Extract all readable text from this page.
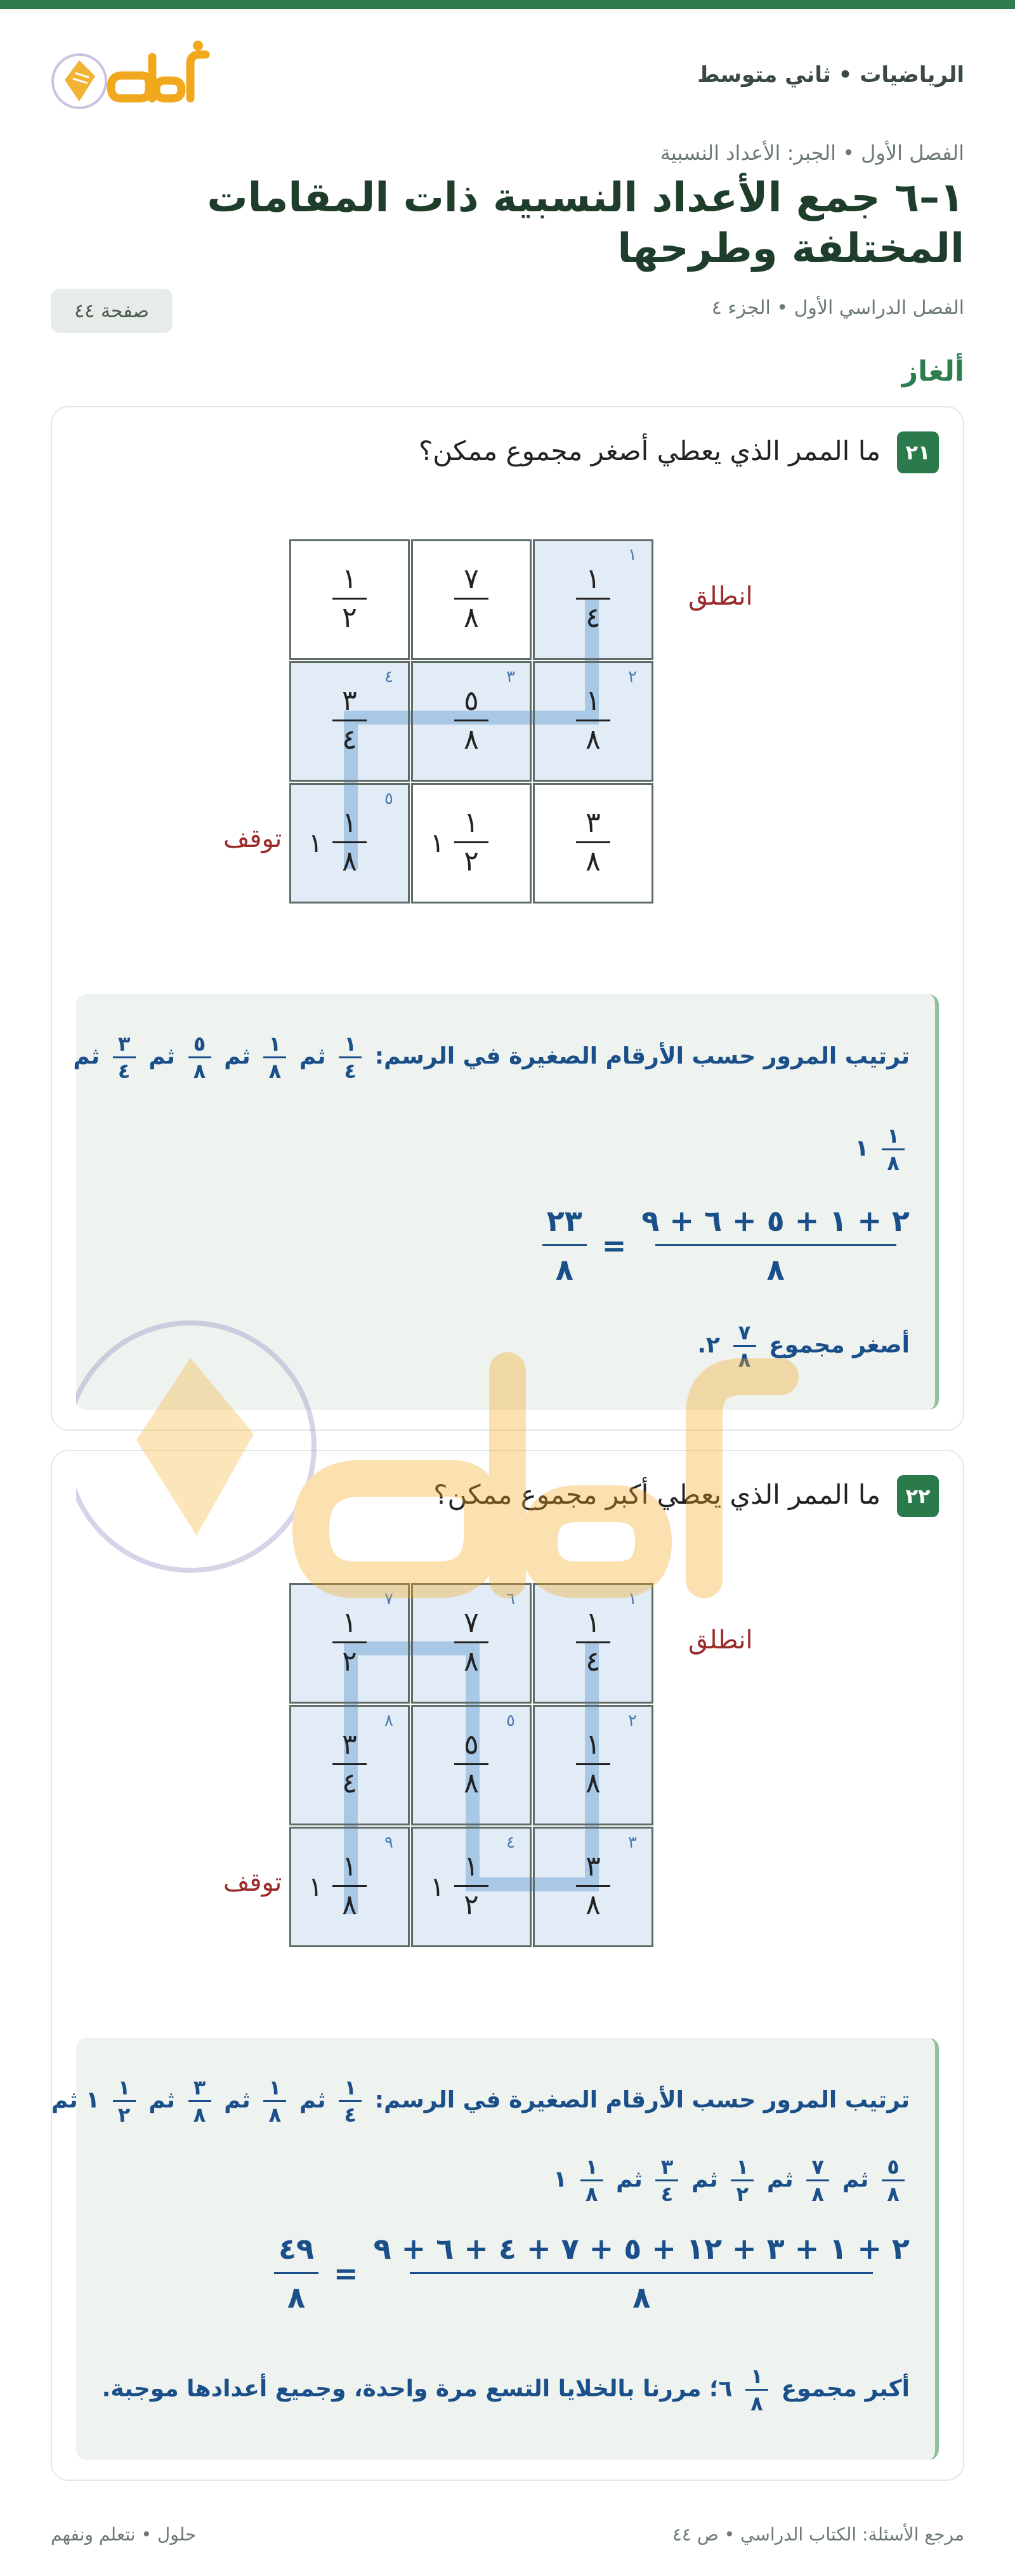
الرياضيات • ثاني متوسط
الفصل الأول • الجبر: الأعداد النسبية
١–٦ جمع الأعداد النسبية ذات المقامات المختلفة وطرحها
الفصل الدراسي الأول • الجزء ٤
صفحة ٤٤
ألغاز
٢١
ما الممر الذي يعطي أصغر مجموع ممكن؟
١
٢
٧
٨
١
٤
١
٣
٤
٤
٥
٨
٣
١
٨
٢
١
٨
١
٥
١
٢
١
٣
٨
انطلق
توقف
ترتيب المرور حسب الأرقام الصغيرة في الرسم:
١
٤
ثم
١
٨
ثم
٥
٨
ثم
٣
٤
ثم
١
٨
١
٢٣
٨
=
٢ + ١ + ٥ + ٦ + ٩
٨
أصغر مجموع
٧
٨
٢.
٢٢
ما الممر الذي يعطي أكبر مجموع ممكن؟
١
٢
٧
٧
٨
٦
١
٤
١
٣
٤
٨
٥
٨
٥
١
٨
٢
١
٨
١
٩
١
٢
١
٤
٣
٨
٣
انطلق
توقف
ترتيب المرور حسب الأرقام الصغيرة في الرسم:
١
٤
ثم
١
٨
ثم
٣
٨
ثم
١
٢
١ ثم
٥
٨
ثم
٧
٨
ثم
١
٢
ثم
٣
٤
ثم
١
٨
١
٤٩
٨
=
٢ + ١ + ٣ + ١٢ + ٥ + ٧ + ٤ + ٦ + ٩
٨
أكبر مجموع
١
٨
٦؛ مررنا بالخلايا التسع مرة واحدة، وجميع أعدادها موجبة.
حلول • نتعلم ونفهم	مرجع الأسئلة: الكتاب الدراسي • ص ٤٤
